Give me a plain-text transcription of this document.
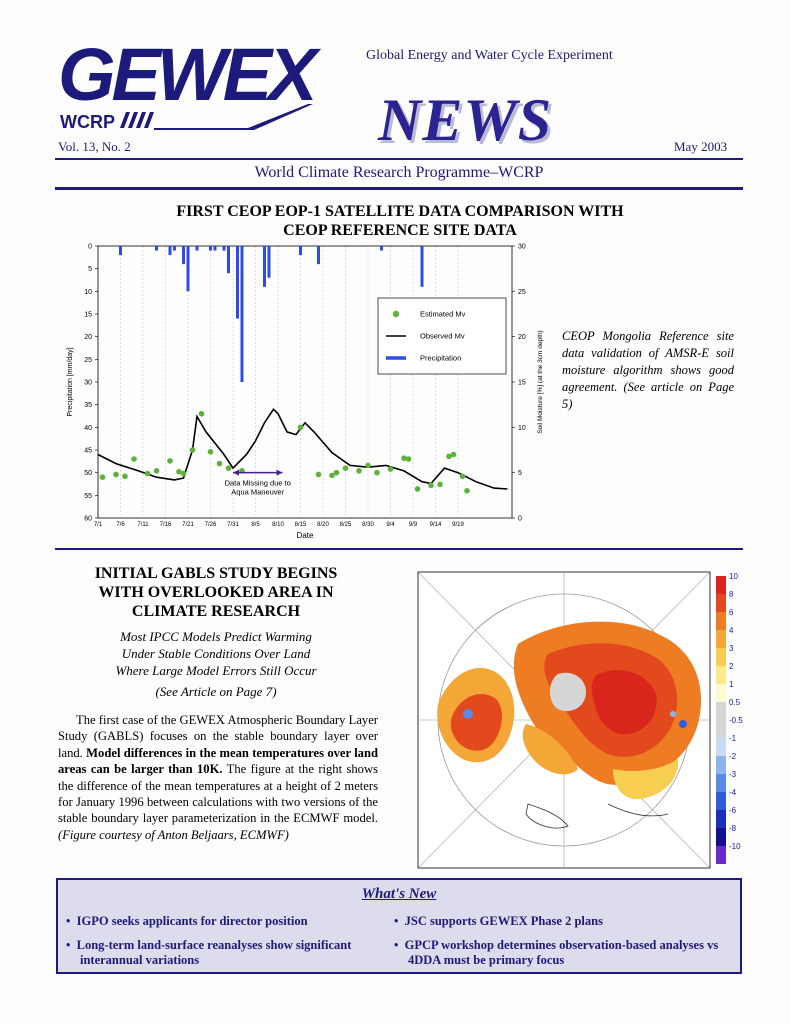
GEWEX
WCRP
Global Energy and Water Cycle Experiment
NEWS
Vol. 13, No. 2	May 2003
World Climate Research Programme–WCRP
FIRST CEOP EOP-1 SATELLITE DATA COMPARISON WITH
CEOP REFERENCE SITE DATA
7/1 7/6 7/11 7/16 7/21 7/26 7/31 8/5 8/10 8/15 8/20 8/25 8/30 9/4 9/9 9/14 9/19
0
5
10
15
20
25
30
35
40
45
50
55
60	0
5
10
15
20
25
30
Precipitation [mm/day]	Soil Moisture [%] (at the 3cm depth)
Date
Data Missing due to
Aqua Maneuver
Estimated Mv
Observed Mv
Precipitation
CEOP Mongolia Reference site data validation of AMSR-E soil moisture algorithm shows good agreement. (See article on Page 5)
INITIAL GABLS STUDY BEGINS
WITH OVERLOOKED AREA IN
CLIMATE RESEARCH
Most IPCC Models Predict Warming
Under Stable Conditions Over Land
Where Large Model Errors Still Occur
(See Article on Page 7)
The first case of the GEWEX Atmospheric Boundary Layer Study (GABLS) focuses on the stable boundary layer over land. Model differences in the mean temperatures over land areas can be larger than 10K. The figure at the right shows the difference of the mean temperatures at a height of 2 meters for January 1996 between calculations with two versions of the stable boundary layer parameterization in the ECMWF model. (Figure courtesy of Anton Beljaars, ECMWF)
10
8
6
4
3
2
1
0.5
-0.5
-1
-2
-3
-4
-6
-8
-10
What's New
•  IGPO seeks applicants for director position	•  JSC supports GEWEX Phase 2 plans
•  Long-term land-surface reanalyses show significant interannual variations
•  GPCP workshop determines observation-based analyses vs 4DDA must be primary focus
